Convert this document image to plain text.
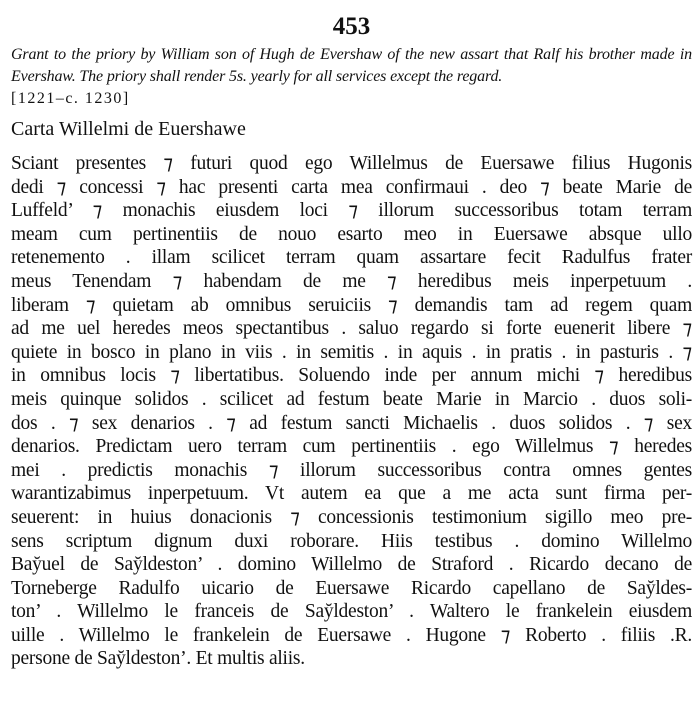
453

Grant to the priory by William son of Hugh de Evershaw of the new assart that Ralf his brother made in Evershaw. The priory shall render 5s. yearly for all services except the regard.

[1221–c. 1230]

Carta Willelmi de Euershawe

Sciant presentes ⁊ futuri quod ego Willelmus de Euersawe filius Hugonis
dedi ⁊ concessi ⁊ hac presenti carta mea confirmaui . deo ⁊ beate Marie de
Luffeld’ ⁊ monachis eiusdem loci ⁊ illorum successoribus totam terram
meam cum pertinentiis de nouo esarto meo in Euersawe absque ullo
retenemento . illam scilicet terram quam assartare fecit Radulfus frater
meus Tenendam ⁊ habendam de me ⁊ heredibus meis inperpetuum .
liberam ⁊ quietam ab omnibus seruiciis ⁊ demandis tam ad regem quam
ad me uel heredes meos spectantibus . saluo regardo si forte euenerit libere ⁊
quiete in bosco in plano in viis . in semitis . in aquis . in pratis . in pasturis . ⁊
in omnibus locis ⁊ libertatibus. Soluendo inde per annum michi ⁊ heredibus
meis quinque solidos . scilicet ad festum beate Marie in Marcio . duos soli-
dos . ⁊ sex denarios . ⁊ ad festum sancti Michaelis . duos solidos . ⁊ sex
denarios. Predictam uero terram cum pertinentiis . ego Willelmus ⁊ heredes
mei . predictis monachis ⁊ illorum successoribus contra omnes gentes
warantizabimus inperpetuum. Vt autem ea que a me acta sunt firma per-
seuerent: in huius donacionis ⁊ concessionis testimonium sigillo meo pre-
sens scriptum dignum duxi roborare. Hiis testibus . domino Willelmo
Bay̆uel de Say̆ldeston’ . domino Willelmo de Straford . Ricardo decano de
Torneberge Radulfo uicario de Euersawe Ricardo capellano de Say̆ldes-
ton’ . Willelmo le franceis de Say̆ldeston’ . Waltero le frankelein eiusdem
uille . Willelmo le frankelein de Euersawe . Hugone ⁊ Roberto . filiis .R.
persone de Say̆ldeston’. Et multis aliis.
